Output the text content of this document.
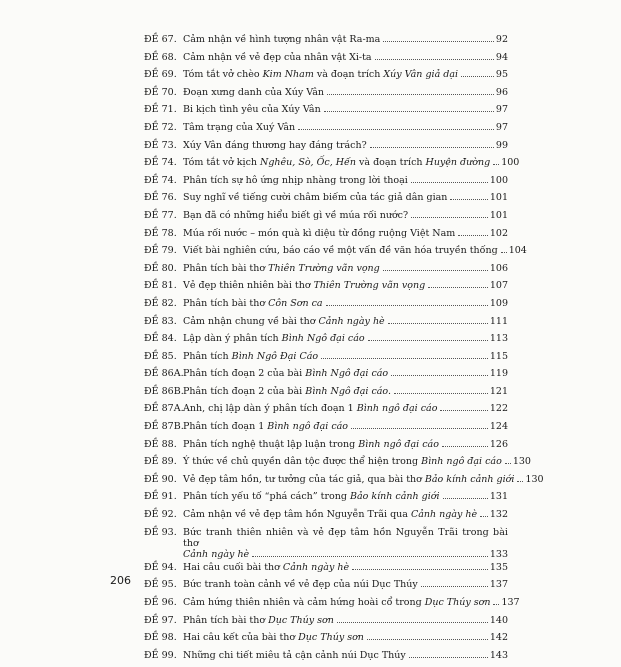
ĐỀ 67. Cảm nhận về hình tượng nhân vật Ra-ma	92
ĐỀ 68. Cảm nhận về vẻ đẹp của nhân vật Xi-ta	94
ĐỀ 69. Tóm tắt vở chèo Kim Nham và đoạn trích Xúy Vân giả dại	95
ĐỀ 70. Đoạn xưng danh của Xúy Vân	96
ĐỀ 71. Bi kịch tình yêu của Xúy Vân	97
ĐỀ 72. Tâm trạng của Xuý Vân	97
ĐỀ 73. Xúy Vân đáng thương hay đáng trách?	99
ĐỀ 74. Tóm tắt vở kịch Nghêu, Sò, Ốc, Hến và đoạn trích Huyện đường 100
ĐỀ 74. Phân tích sự hô ứng nhịp nhàng trong lời thoại	100
ĐỀ 76. Suy nghĩ về tiếng cười châm biếm của tác giả dân gian	101
ĐỀ 77. Bạn đã có những hiểu biết gì về múa rối nước?	101
ĐỀ 78. Múa rối nước – món quà kì diệu từ đồng ruộng Việt Nam	102
ĐỀ 79. Viết bài nghiên cứu, báo cáo về một vấn đề văn hóa truyền thống 104
ĐỀ 80. Phân tích bài thơ Thiên Trường vãn vọng	106
ĐỀ 81. Vẻ đẹp thiên nhiên bài thơ Thiên Trường vãn vọng	107
ĐỀ 82. Phân tích bài thơ Côn Sơn ca	109
ĐỀ 83. Cảm nhận chung về bài thơ Cảnh ngày hè	111
ĐỀ 84. Lập dàn ý phân tích Bình Ngô đại cáo	113
ĐỀ 85. Phân tích Bình Ngô Đại Cáo	115
ĐỀ 86A. Phân tích đoạn 2 của bài Bình Ngô đại cáo	119
ĐỀ 86B. Phân tích đoạn 2 của bài Bình Ngô đại cáo.	121
ĐỀ 87A. Anh, chị lập dàn ý phân tích đoạn 1 Bình ngô đại cáo	122
ĐỀ 87B. Phân tích đoạn 1 Bình ngô đại cáo	124
ĐỀ 88. Phân tích nghệ thuật lập luận trong Bình ngô đại cáo	126
ĐỀ 89. Ý thức về chủ quyền dân tộc được thể hiện trong Bình ngô đại cáo 130
ĐỀ 90. Vẻ đẹp tâm hồn, tư tưởng của tác giả, qua bài thơ Bảo kính cảnh giới 130
ĐỀ 91. Phân tích yếu tố “phá cách” trong Bảo kính cảnh giới	131
ĐỀ 92. Cảm nhận về vẻ đẹp tâm hồn Nguyễn Trãi qua Cảnh ngày hè 132
ĐỀ 93. Bức tranh thiên nhiên và vẻ đẹp tâm hồn Nguyễn Trãi trong bài thơ
Cảnh ngày hè	133
ĐỀ 94. Hai câu cuối bài thơ Cảnh ngày hè	135
ĐỀ 95. Bức tranh toàn cảnh về vẻ đẹp của núi Dục Thúy	137
ĐỀ 96. Cảm hứng thiên nhiên và cảm hứng hoài cổ trong Dục Thúy sơn 137
ĐỀ 97. Phân tích bài thơ Dục Thúy sơn	140
ĐỀ 98. Hai câu kết của bài thơ Dục Thúy sơn	142
ĐỀ 99. Những chi tiết miêu tả cận cảnh núi Dục Thúy	143
206
